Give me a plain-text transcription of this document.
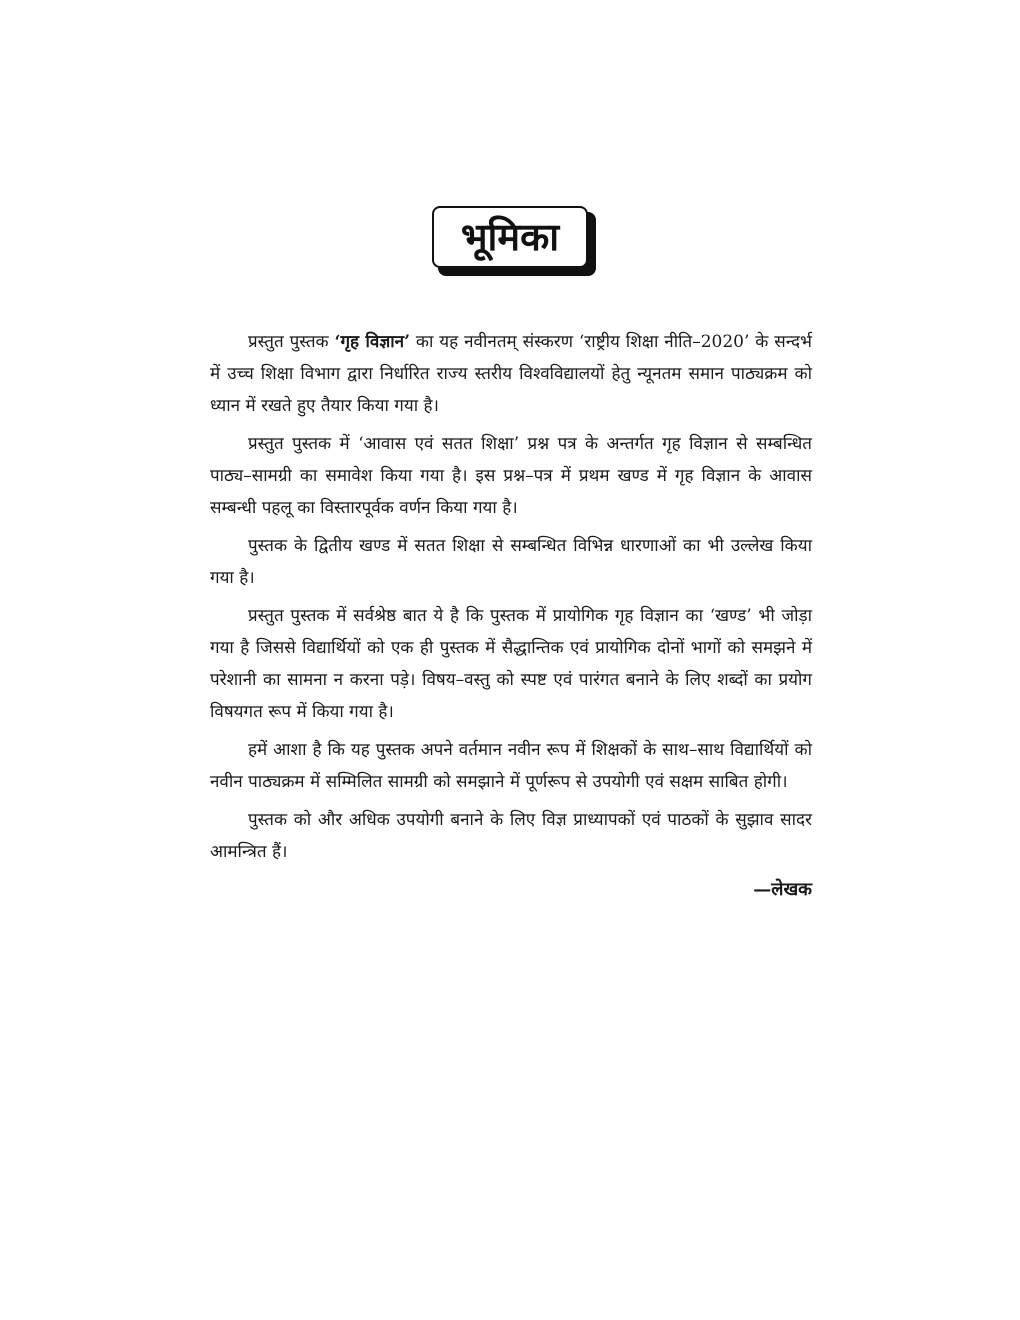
भूमिका

प्रस्तुत पुस्तक ‘गृह विज्ञान’ का यह नवीनतम् संस्करण ‘राष्ट्रीय शिक्षा नीति–2020’ के सन्दर्भ में उच्च शिक्षा विभाग द्वारा निर्धारित राज्य स्तरीय विश्वविद्यालयों हेतु न्यूनतम समान पाठ्यक्रम को ध्यान में रखते हुए तैयार किया गया है।

प्रस्तुत पुस्तक में ‘आवास एवं सतत शिक्षा’ प्रश्न पत्र के अन्तर्गत गृह विज्ञान से सम्बन्धित पाठ्य–सामग्री का समावेश किया गया है। इस प्रश्न–पत्र में प्रथम खण्ड में गृह विज्ञान के आवास सम्बन्धी पहलू का विस्तारपूर्वक वर्णन किया गया है।

पुस्तक के द्वितीय खण्ड में सतत शिक्षा से सम्बन्धित विभिन्न धारणाओं का भी उल्लेख किया गया है।

प्रस्तुत पुस्तक में सर्वश्रेष्ठ बात ये है कि पुस्तक में प्रायोगिक गृह विज्ञान का ‘खण्ड’ भी जोड़ा गया है जिससे विद्यार्थियों को एक ही पुस्तक में सैद्धान्तिक एवं प्रायोगिक दोनों भागों को समझने में परेशानी का सामना न करना पड़े। विषय–वस्तु को स्पष्ट एवं पारंगत बनाने के लिए शब्दों का प्रयोग विषयगत रूप में किया गया है।

हमें आशा है कि यह पुस्तक अपने वर्तमान नवीन रूप में शिक्षकों के साथ–साथ विद्यार्थियों को नवीन पाठ्यक्रम में सम्मिलित सामग्री को समझाने में पूर्णरूप से उपयोगी एवं सक्षम साबित होगी।

पुस्तक को और अधिक उपयोगी बनाने के लिए विज्ञ प्राध्यापकों एवं पाठकों के सुझाव सादर आमन्त्रित हैं।

—लेखक
